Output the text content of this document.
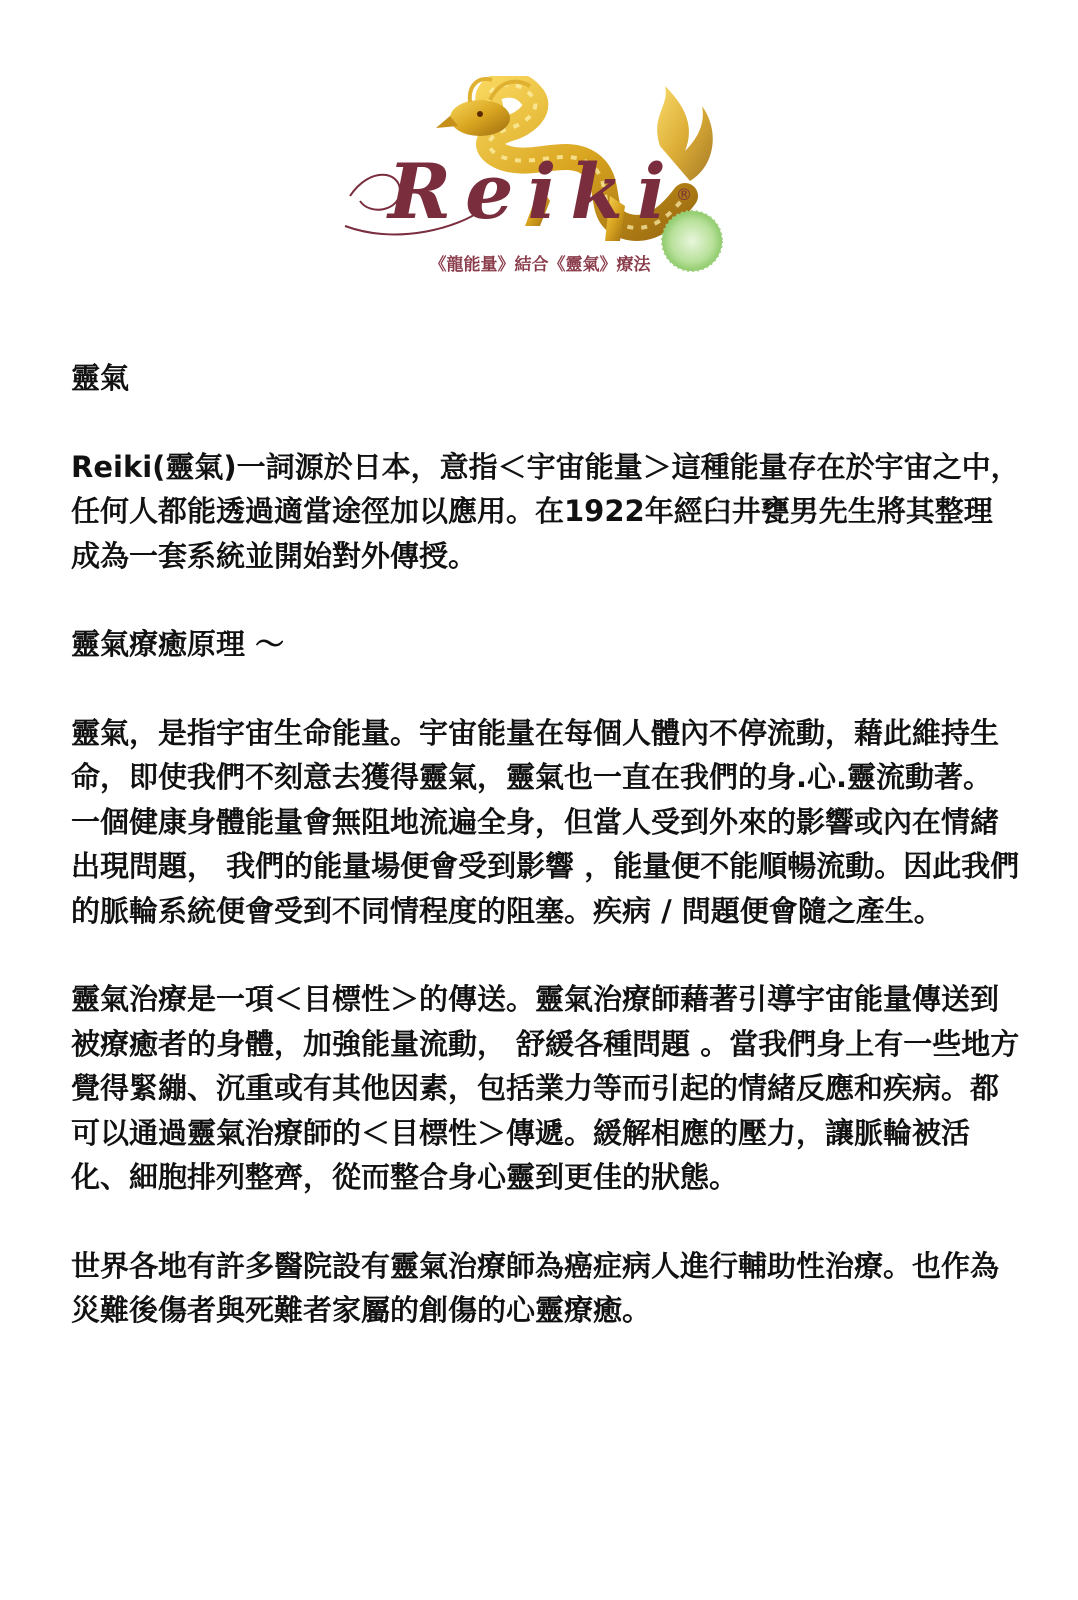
Reiki
®
《龍能量》結合《靈氣》療法

靈氣

Reiki(靈氣)一詞源於日本，意指＜宇宙能量＞這種能量存在於宇宙之中，任何人都能透過適當途徑加以應用。在1922年經臼井甕男先生將其整理成為一套系統並開始對外傳授。

靈氣療癒原理 ～

靈氣，是指宇宙生命能量。宇宙能量在每個人體內不停流動，藉此維持生命，即使我們不刻意去獲得靈氣，靈氣也一直在我們的身.心.靈流動著。一個健康身體能量會無阻地流遍全身，但當人受到外來的影響或內在情緒出現問題， 我們的能量場便會受到影響 ，能量便不能順暢流動。因此我們的脈輪系統便會受到不同情程度的阻塞。疾病 / 問題便會隨之產生。

靈氣治療是一項＜目標性＞的傳送。靈氣治療師藉著引導宇宙能量傳送到被療癒者的身體，加強能量流動， 舒緩各種問題 。當我們身上有一些地方覺得緊繃、沉重或有其他因素，包括業力等而引起的情緒反應和疾病。都可以通過靈氣治療師的＜目標性＞傳遞。緩解相應的壓力，讓脈輪被活化、細胞排列整齊，從而整合身心靈到更佳的狀態。

世界各地有許多醫院設有靈氣治療師為癌症病人進行輔助性治療。也作為災難後傷者與死難者家屬的創傷的心靈療癒。
